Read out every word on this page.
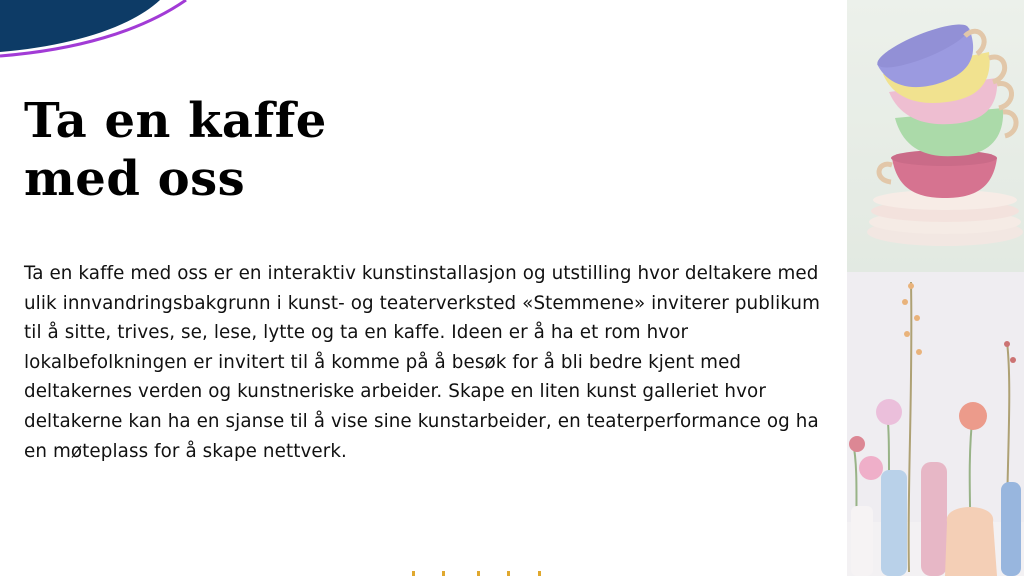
Ta en kaffe
med oss

Ta en kaffe med oss er en interaktiv kunstinstallasjon og utstilling hvor deltakere med ulik innvandringsbakgrunn i kunst- og teaterverksted «Stemmene» inviterer publikum til å sitte, trives, se, lese, lytte og ta en kaffe. Ideen er å ha et rom hvor lokalbefolkningen er invitert til å komme på å besøk for å bli bedre kjent med deltakernes verden og kunstneriske arbeider. Skape en liten kunst galleriet hvor deltakerne kan ha en sjanse til å vise sine kunstarbeider, en teaterperformance og ha en møteplass for å skape nettverk.
